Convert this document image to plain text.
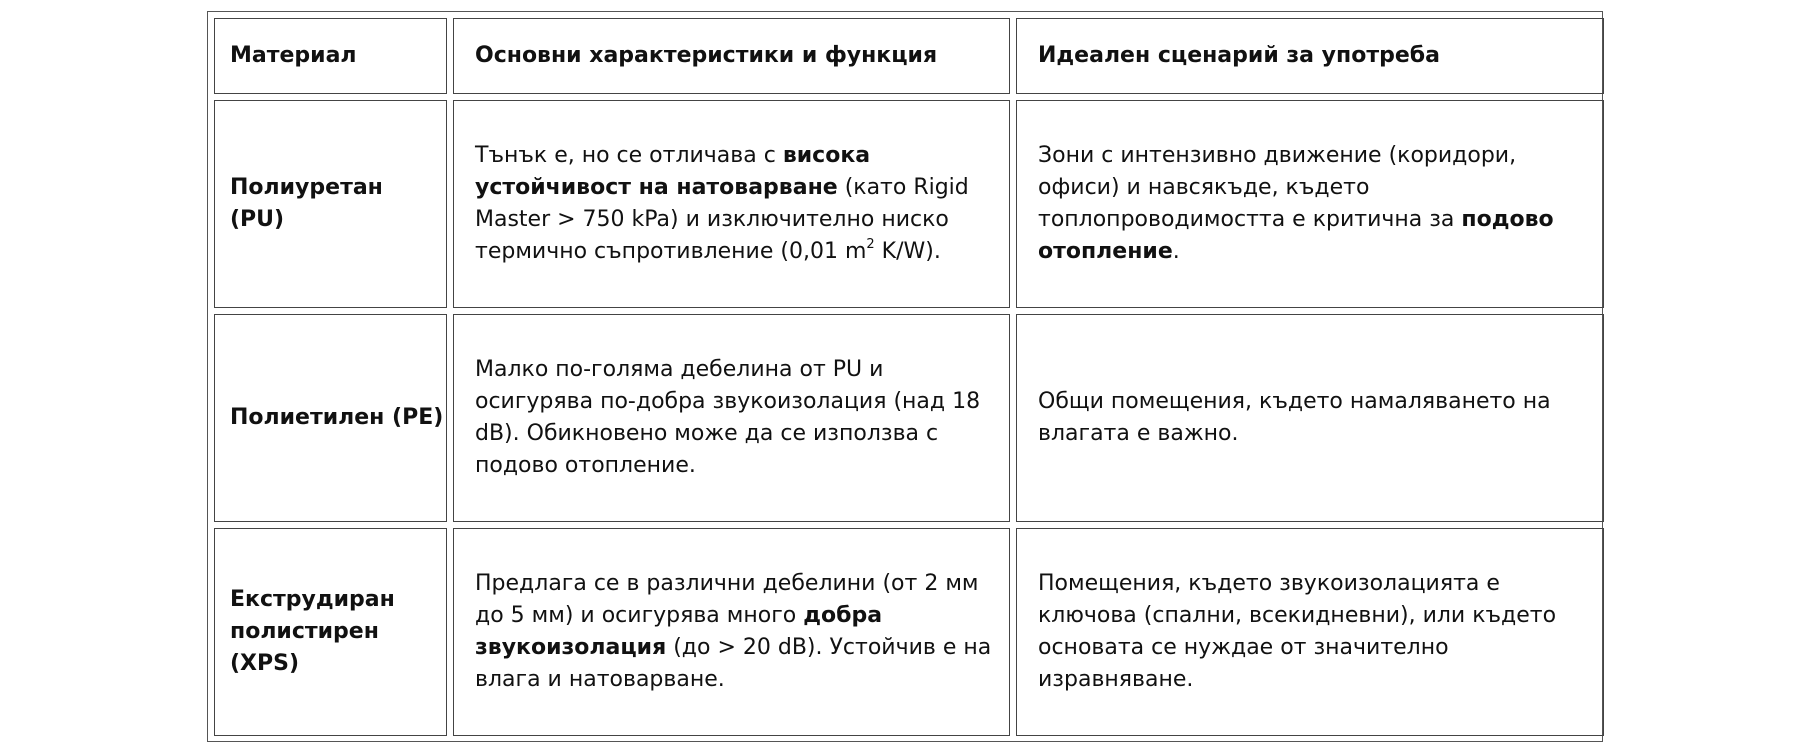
Материал	Основни характеристики и функция	Идеален сценарий за употреба
Полиуретан (PU)	Тънък е, но се отличава с висока устойчивост на натоварване (като Rigid Master > 750 kPa) и изключително ниско термично съпротивление (0,01 $m^2$ K/W).	Зони с интензивно движение (коридори, офиси) и навсякъде, където топлопроводимостта е критична за подово отопление.
Полиетилен (PE)	Малко по-голяма дебелина от PU и осигурява по-добра звукоизолация (над 18 dB). Обикновено може да се използва с подово отопление.	Общи помещения, където намаляването на влагата е важно.
Екструдиран полистирен (XPS)	Предлага се в различни дебелини (от 2 мм до 5 мм) и осигурява много добра звукоизолация (до > 20 dB). Устойчив е на влага и натоварване.	Помещения, където звукоизолацията е ключова (спални, всекидневни), или където основата се нуждае от значително изравняване.
